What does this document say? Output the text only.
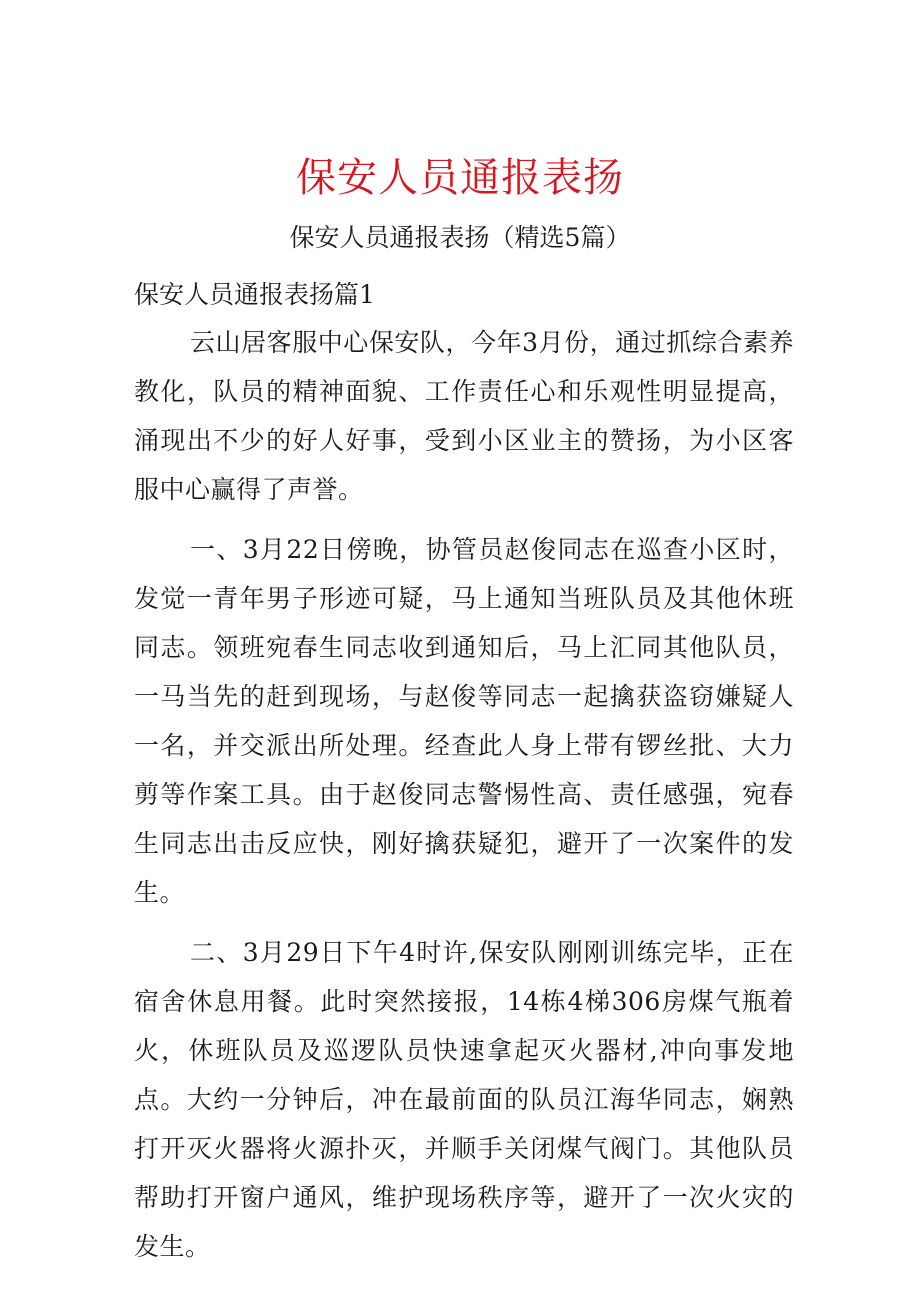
保安人员通报表扬
保安人员通报表扬（精选5篇）
保安人员通报表扬篇1

云山居客服中心保安队，今年3月份，通过抓综合素养教化，队员的精神面貌、工作责任心和乐观性明显提高，涌现出不少的好人好事，受到小区业主的赞扬，为小区客服中心赢得了声誉。

一、3月22日傍晚，协管员赵俊同志在巡查小区时，发觉一青年男子形迹可疑，马上通知当班队员及其他休班同志。领班宛春生同志收到通知后，马上汇同其他队员，一马当先的赶到现场，与赵俊等同志一起擒获盗窃嫌疑人一名，并交派出所处理。经查此人身上带有锣丝批、大力剪等作案工具。由于赵俊同志警惕性高、责任感强，宛春生同志出击反应快，刚好擒获疑犯，避开了一次案件的发生。

二、3月29日下午4时许,保安队刚刚训练完毕，正在宿舍休息用餐。此时突然接报，14栋4梯306房煤气瓶着火，休班队员及巡逻队员快速拿起灭火器材,冲向事发地点。大约一分钟后，冲在最前面的队员江海华同志，娴熟打开灭火器将火源扑灭，并顺手关闭煤气阀门。其他队员帮助打开窗户通风，维护现场秩序等，避开了一次火灾的发生。
